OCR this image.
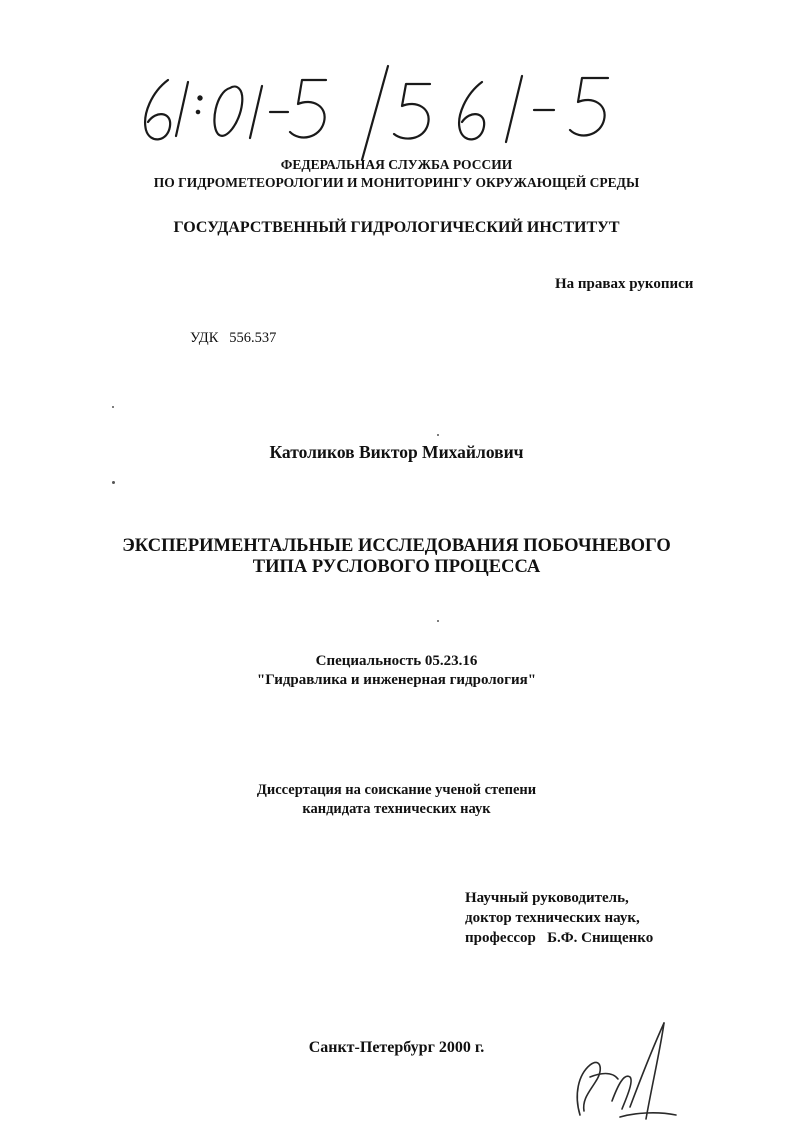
ФЕДЕРАЛЬНАЯ СЛУЖБА РОССИИ
ПО ГИДРОМЕТЕОРОЛОГИИ И МОНИТОРИНГУ ОКРУЖАЮЩЕЙ СРЕДЫ
ГОСУДАРСТВЕННЫЙ ГИДРОЛОГИЧЕСКИЙ ИНСТИТУТ
На правах рукописи
УДК 556.537
Католиков Виктор Михайлович
ЭКСПЕРИМЕНТАЛЬНЫЕ ИССЛЕДОВАНИЯ ПОБОЧНЕВОГО
ТИПА РУСЛОВОГО ПРОЦЕССА
Специальность 05.23.16
"Гидравлика и инженерная гидрология"
Диссертация на соискание ученой степени
кандидата технических наук
Научный руководитель,
доктор технических наук,
профессор   Б.Ф. Снищенко
Санкт-Петербург 2000 г.
